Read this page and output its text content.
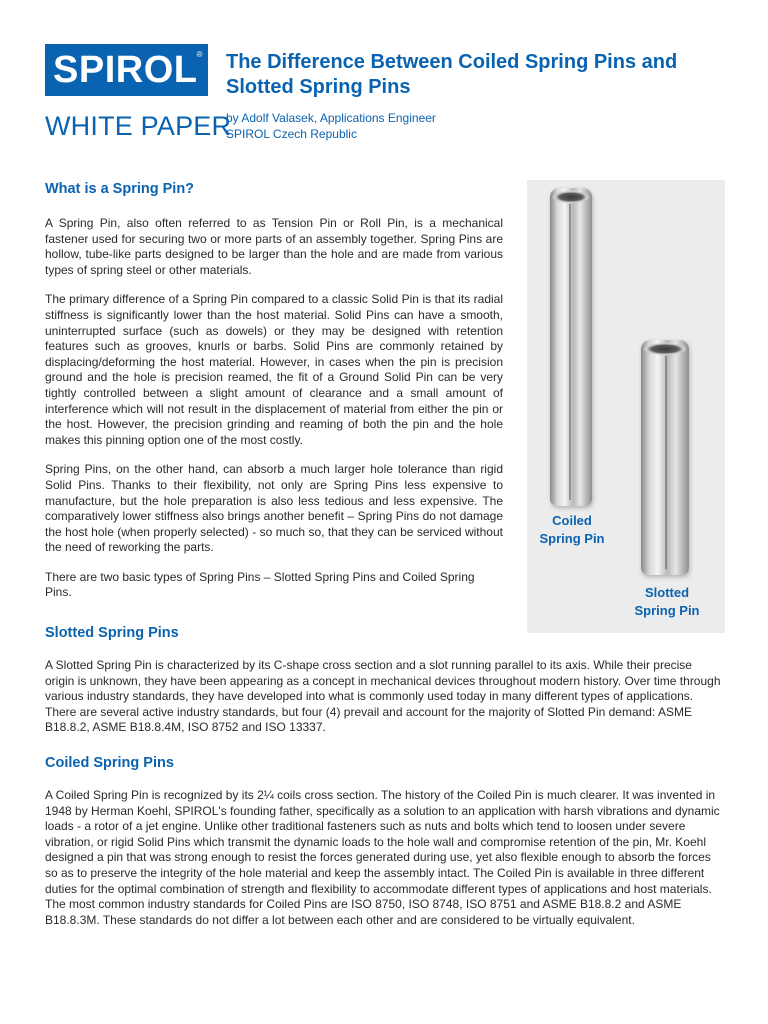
SPIROL ®
WHITE PAPER
The Difference Between Coiled Spring Pins and Slotted Spring Pins
by Adolf Valasek, Applications Engineer
SPIROL Czech Republic
What is a Spring Pin?

A Spring Pin, also often referred to as Tension Pin or Roll Pin, is a mechanical fastener used for securing two or more parts of an assembly together. Spring Pins are hollow, tube-like parts designed to be larger than the hole and are made from various types of spring steel or other materials.

The primary difference of a Spring Pin compared to a classic Solid Pin is that its radial stiffness is significantly lower than the host material. Solid Pins can have a smooth, uninterrupted surface (such as dowels) or they may be designed with retention features such as grooves, knurls or barbs. Solid Pins are commonly retained by displacing/deforming the host material. However, in cases when the pin is precision ground and the hole is precision reamed, the fit of a Ground Solid Pin can be very tightly controlled between a slight amount of clearance and a small amount of interference which will not result in the displacement of material from either the pin or the host. However, the precision grinding and reaming of both the pin and the hole makes this pinning option one of the most costly.

Spring Pins, on the other hand, can absorb a much larger hole tolerance than rigid Solid Pins. Thanks to their flexibility, not only are Spring Pins less expensive to manufacture, but the hole preparation is also less tedious and less expensive. The comparatively lower stiffness also brings another benefit – Spring Pins do not damage the host hole (when properly selected) - so much so, that they can be serviced without the need of reworking the parts.

There are two basic types of Spring Pins – Slotted Spring Pins and Coiled Spring Pins.

Coiled
Spring Pin
Slotted
Spring Pin
Slotted Spring Pins

A Slotted Spring Pin is characterized by its C-shape cross section and a slot running parallel to its axis. While their precise origin is unknown, they have been appearing as a concept in mechanical devices throughout modern history. Over time through various industry standards, they have developed into what is commonly used today in many different types of applications. There are several active industry standards, but four (4) prevail and account for the majority of Slotted Pin demand: ASME B18.8.2, ASME B18.8.4M, ISO 8752 and ISO 13337.

Coiled Spring Pins

A Coiled Spring Pin is recognized by its 2¼ coils cross section. The history of the Coiled Pin is much clearer. It was invented in 1948 by Herman Koehl, SPIROL's founding father, specifically as a solution to an application with harsh vibrations and dynamic loads - a rotor of a jet engine. Unlike other traditional fasteners such as nuts and bolts which tend to loosen under severe vibration, or rigid Solid Pins which transmit the dynamic loads to the hole wall and compromise retention of the pin, Mr. Koehl designed a pin that was strong enough to resist the forces generated during use, yet also flexible enough to absorb the forces so as to preserve the integrity of the hole material and keep the assembly intact. The Coiled Pin is available in three different duties for the optimal combination of strength and flexibility to accommodate different types of applications and host materials. The most common industry standards for Coiled Pins are ISO 8750, ISO 8748, ISO 8751 and ASME B18.8.2 and ASME B18.8.3M. These standards do not differ a lot between each other and are considered to be virtually equivalent.
